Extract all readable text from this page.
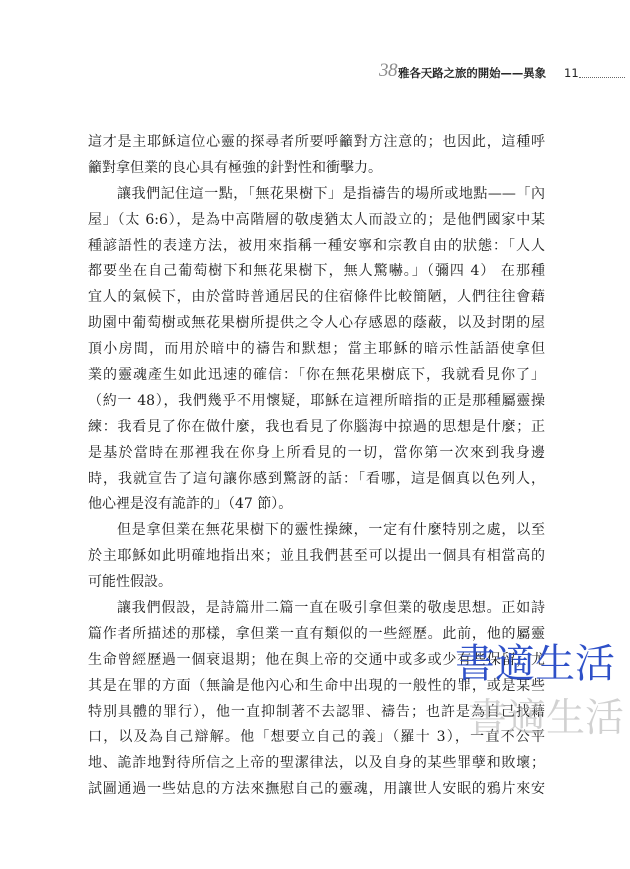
38 雅各天路之旅的開始——異象 11
這才是主耶穌這位心靈的探尋者所要呼籲對方注意的；也因此，這種呼
籲對拿但業的良心具有極強的針對性和衝擊力。
讓我們記住這一點，「無花果樹下」是指禱告的場所或地點——「內
屋」（太 6:6），是為中高階層的敬虔猶太人而設立的；是他們國家中某
種諺語性的表達方法，被用來指稱一種安寧和宗教自由的狀態：「人人
都要坐在自己葡萄樹下和無花果樹下，無人驚嚇。」（彌四 4） 在那種
宜人的氣候下，由於當時普通居民的住宿條件比較簡陋，人們往往會藉
助園中葡萄樹或無花果樹所提供之令人心存感恩的蔭蔽，以及封閉的屋
頂小房間，而用於暗中的禱告和默想；當主耶穌的暗示性話語使拿但
業的靈魂產生如此迅速的確信：「你在無花果樹底下，我就看見你了」
（約一 48），我們幾乎不用懷疑，耶穌在這裡所暗指的正是那種屬靈操
練：我看見了你在做什麼，我也看見了你腦海中掠過的思想是什麼；正
是基於當時在那裡我在你身上所看見的一切，當你第一次來到我身邊
時，我就宣告了這句讓你感到驚訝的話：「看哪，這是個真以色列人，
他心裡是沒有詭詐的」（47 節）。
但是拿但業在無花果樹下的靈性操練，一定有什麼特別之處，以至
於主耶穌如此明確地指出來；並且我們甚至可以提出一個具有相當高的
可能性假設。
讓我們假設，是詩篇卅二篇一直在吸引拿但業的敬虔思想。正如詩
篇作者所描述的那樣，拿但業一直有類似的一些經歷。此前，他的屬靈
生命曾經歷過一個衰退期；他在與上帝的交通中或多或少有些保留，尤
其是在罪的方面（無論是他內心和生命中出現的一般性的罪，或是某些
特別具體的罪行），他一直抑制著不去認罪、禱告；也許是為自己找藉
口，以及為自己辯解。他「想要立自己的義」（羅十 3），一直不公平
地、詭詐地對待所信之上帝的聖潔律法，以及自身的某些罪孽和敗壞；
試圖通過一些姑息的方法來撫慰自己的靈魂，用讓世人安眠的鴉片來安
書適生活
書適生活
